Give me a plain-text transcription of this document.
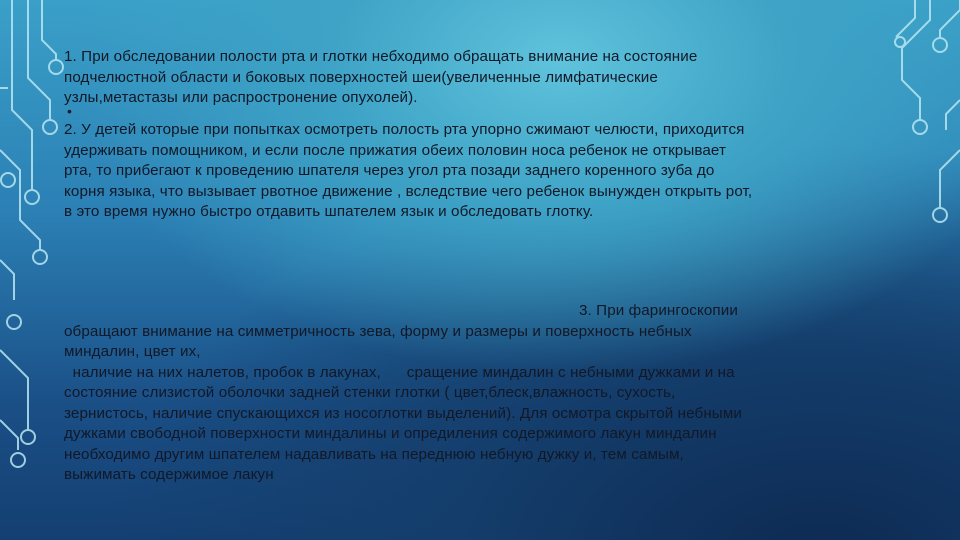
1. При обследовании полости рта и глотки небходимо обращать внимание на состояние
подчелюстной области и боковых поверхностей шеи(увеличенные лимфатические
узлы,метастазы или распростронение опухолей).
•
2. У детей которые при попытках осмотреть полость рта упорно сжимают челюсти, приходится
удерживать помощником, и если после прижатия обеих половин носа ребенок не открывает
рта, то прибегают к проведению шпателя через угол рта позади заднего коренного зуба до
корня языка, что вызывает рвотное движение , вследствие чего ребенок вынужден открыть рот,
в это время нужно быстро отдавить шпателем язык и обследовать глотку.
3. При фарингоскопии
обращают внимание на симметричность зева, форму и размеры и поверхность небных
миндалин, цвет их,
наличие на них налетов, пробок в лакунах,      сращение миндалин с небными дужками и на
состояние слизистой оболочки задней стенки глотки ( цвет,блеск,влажность, сухость,
зернистось, наличие спускающихся из носоглотки выделений). Для осмотра скрытой небными
дужками свободной поверхности миндалины и опредиления содержимого лакун миндалин
необходимо другим шпателем надавливать на переднюю небную дужку и, тем самым,
выжимать содержимое лакун
